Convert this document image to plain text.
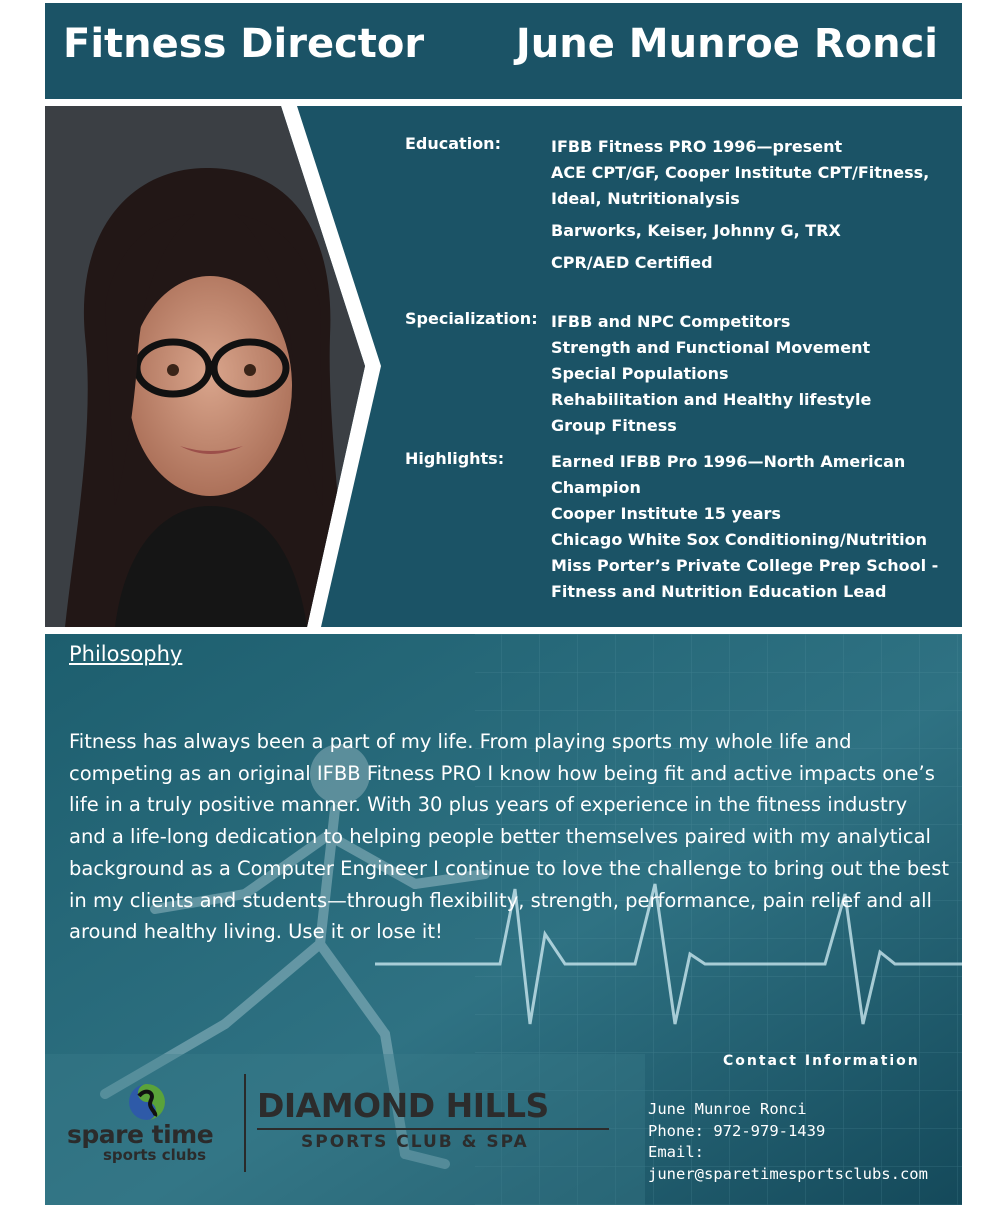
Fitness Director June Munroe Ronci
Education:	IFBB Fitness PRO 1996—present
ACE CPT/GF, Cooper Institute CPT/Fitness,
Ideal, Nutritionalysis
Barworks, Keiser, Johnny G, TRX
CPR/AED Certified
Specialization: IFBB and NPC Competitors
Strength and Functional Movement
Special Populations
Rehabilitation and Healthy lifestyle
Group Fitness
Highlights:	Earned IFBB Pro 1996—North American
Champion
Cooper Institute 15 years
Chicago White Sox Conditioning/Nutrition
Miss Porter’s Private College Prep School -
Fitness and Nutrition Education Lead
Philosophy
Fitness has always been a part of my life. From playing sports my whole life and competing as an original IFBB Fitness PRO I know how being fit and active impacts one’s life in a truly positive manner. With 30 plus years of experience in the fitness industry and a life-long dedication to helping people better themselves paired with my analytical background as a Computer Engineer I continue to love the challenge to bring out the best in my clients and students—through flexibility, strength, performance, pain relief and all around healthy living. Use it or lose it!
spare time
sports clubs
DIAMOND HILLS
SPORTS CLUB & SPA
Contact Information
June Munroe Ronci
Phone: 972-979-1439
Email:
juner@sparetimesportsclubs.com
